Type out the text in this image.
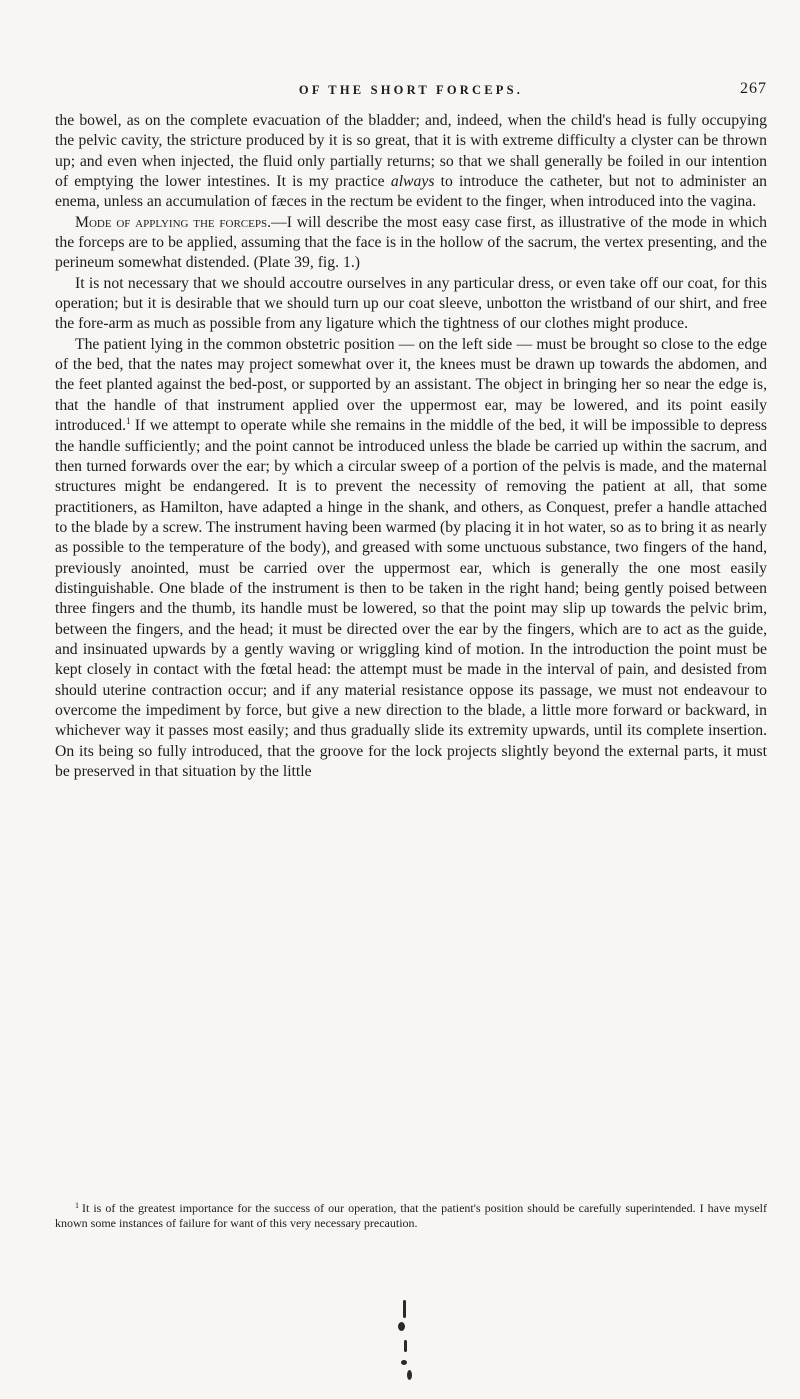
OF THE SHORT FORCEPS.	267

the bowel, as on the complete evacuation of the bladder; and, indeed, when the child's head is fully occupying the pelvic cavity, the stricture produced by it is so great, that it is with extreme difficulty a clyster can be thrown up; and even when injected, the fluid only partially returns; so that we shall generally be foiled in our intention of emptying the lower intestines. It is my practice always to introduce the catheter, but not to administer an enema, unless an accumulation of fæces in the rectum be evident to the finger, when introduced into the vagina.

Mode of applying the forceps.—I will describe the most easy case first, as illustrative of the mode in which the forceps are to be applied, assuming that the face is in the hollow of the sacrum, the vertex presenting, and the perineum somewhat distended. (Plate 39, fig. 1.)

It is not necessary that we should accoutre ourselves in any particular dress, or even take off our coat, for this operation; but it is desirable that we should turn up our coat sleeve, unbotton the wristband of our shirt, and free the fore-arm as much as possible from any ligature which the tightness of our clothes might produce.

The patient lying in the common obstetric position — on the left side — must be brought so close to the edge of the bed, that the nates may project somewhat over it, the knees must be drawn up towards the abdomen, and the feet planted against the bed-post, or supported by an assistant. The object in bringing her so near the edge is, that the handle of that instrument applied over the uppermost ear, may be lowered, and its point easily introduced.$^1$ If we attempt to operate while she remains in the middle of the bed, it will be impossible to depress the handle sufficiently; and the point cannot be introduced unless the blade be carried up within the sacrum, and then turned forwards over the ear; by which a circular sweep of a portion of the pelvis is made, and the maternal structures might be endangered. It is to prevent the necessity of removing the patient at all, that some practitioners, as Hamilton, have adapted a hinge in the shank, and others, as Conquest, prefer a handle attached to the blade by a screw. The instrument having been warmed (by placing it in hot water, so as to bring it as nearly as possible to the temperature of the body), and greased with some unctuous substance, two fingers of the hand, previously anointed, must be carried over the uppermost ear, which is generally the one most easily distinguishable. One blade of the instrument is then to be taken in the right hand; being gently poised between three fingers and the thumb, its handle must be lowered, so that the point may slip up towards the pelvic brim, between the fingers, and the head; it must be directed over the ear by the fingers, which are to act as the guide, and insinuated upwards by a gently waving or wriggling kind of motion. In the introduction the point must be kept closely in contact with the fœtal head: the attempt must be made in the interval of pain, and desisted from should uterine contraction occur; and if any material resistance oppose its passage, we must not endeavour to overcome the impediment by force, but give a new direction to the blade, a little more forward or backward, in whichever way it passes most easily; and thus gradually slide its extremity upwards, until its complete insertion. On its being so fully introduced, that the groove for the lock projects slightly beyond the external parts, it must be preserved in that situation by the little

$^1$ It is of the greatest importance for the success of our operation, that the patient's position should be carefully superintended. I have myself known some instances of failure for want of this very necessary precaution.
